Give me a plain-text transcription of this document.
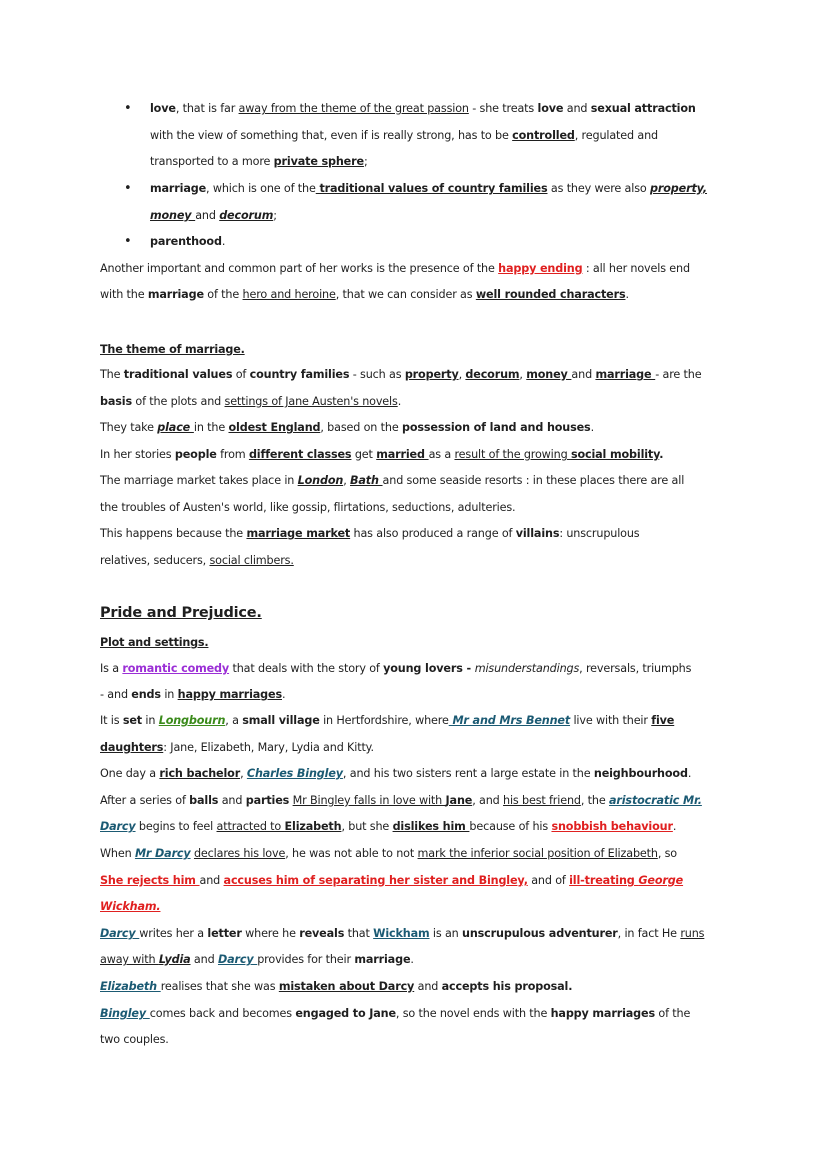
• love, that is far away from the theme of the great passion - she treats love and sexual attraction
with the view of something that, even if is really strong, has to be controlled, regulated and
transported to a more private sphere;
• marriage, which is one of the traditional values of country families as they were also property,
money and decorum;
• parenthood.
Another important and common part of her works is the presence of the happy ending : all her novels end
with the marriage of the hero and heroine, that we can consider as well rounded characters.
The theme of marriage.
The traditional values of country families - such as property, decorum, money and marriage - are the
basis of the plots and settings of Jane Austen's novels.
They take place in the oldest England, based on the possession of land and houses.
In her stories people from different classes get married as a result of the growing social mobility.
The marriage market takes place in London, Bath and some seaside resorts : in these places there are all
the troubles of Austen's world, like gossip, flirtations, seductions, adulteries.
This happens because the marriage market has also produced a range of villains: unscrupulous
relatives, seducers, social climbers.
Pride and Prejudice.
Plot and settings.
Is a romantic comedy that deals with the story of young lovers - misunderstandings, reversals, triumphs
- and ends in happy marriages.
It is set in Longbourn, a small village in Hertfordshire, where Mr and Mrs Bennet live with their five
daughters: Jane, Elizabeth, Mary, Lydia and Kitty.
One day a rich bachelor, Charles Bingley, and his two sisters rent a large estate in the neighbourhood.
After a series of balls and parties Mr Bingley falls in love with Jane, and his best friend, the aristocratic Mr.
Darcy begins to feel attracted to Elizabeth, but she dislikes him because of his snobbish behaviour.
When Mr Darcy declares his love, he was not able to not mark the inferior social position of Elizabeth, so
She rejects him and accuses him of separating her sister and Bingley, and of ill-treating George
Wickham.
Darcy writes her a letter where he reveals that Wickham is an unscrupulous adventurer, in fact He runs
away with Lydia and Darcy provides for their marriage.
Elizabeth realises that she was mistaken about Darcy and accepts his proposal.
Bingley comes back and becomes engaged to Jane, so the novel ends with the happy marriages of the
two couples.
